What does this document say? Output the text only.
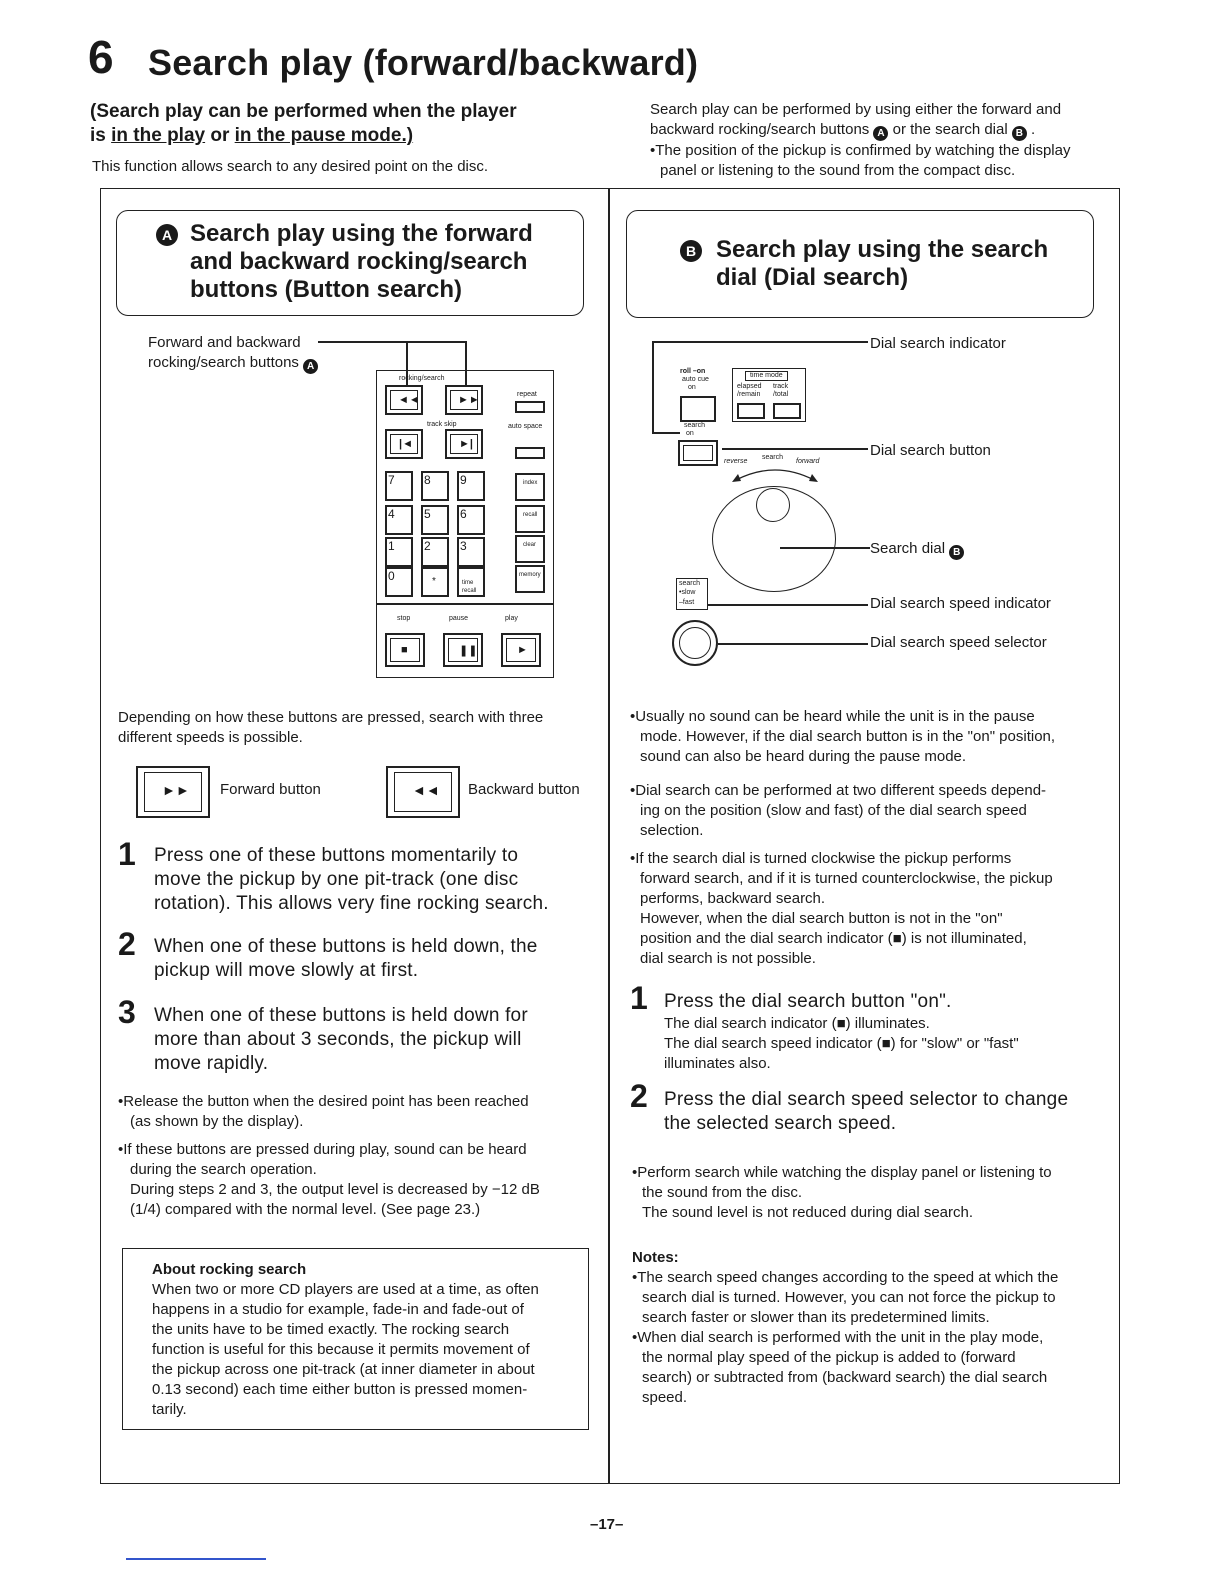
6 Search play (forward/backward)
(Search play can be performed when the player
is in the play or in the pause mode.)
This function allows search to any desired point on the disc.
Search play can be performed by using either the forward and
backward rocking/search buttons A or the search dial B .
•The position of the pickup is confirmed by watching the display
panel or listening to the sound from the compact disc.
A Search play using the forward
and backward rocking/search
buttons (Button search)
B Search play using the search
dial (Dial search)
Forward and backward
rocking/search buttons A
rocking/search
◄◄	►►	repeat
track skip	auto space
|◄	►|
7 8 9
4 5 6
1 2 3
0	*	time recall
index
recall
clear
memory
stop	pause	play
■	❚❚	►
Depending on how these buttons are pressed, search with three
different speeds is possible.
►► Forward button	◄◄ Backward button
1 Press one of these buttons momentarily to
move the pickup by one pit-track (one disc
rotation). This allows very fine rocking search.
2 When one of these buttons is held down, the
pickup will move slowly at first.
3 When one of these buttons is held down for
more than about 3 seconds, the pickup will
move rapidly.
•Release the button when the desired point has been reached
(as shown by the display).
•If these buttons are pressed during play, sound can be heard
during the search operation.
During steps 2 and 3, the output level is decreased by −12 dB
(1/4) compared with the normal level. (See page 23.)
About rocking search
When two or more CD players are used at a time, as often
happens in a studio for example, fade-in and fade-out of
the units have to be timed exactly. The rocking search
function is useful for this because it permits movement of
the pickup across one pit-track (at inner diameter in about
0.13 second) each time either button is pressed momen-
tarily.
Dial search indicator
roll –on
auto cue
on
time mode
elapsed /remain
track /total
search
on
Dial search button
reverse
search
forward
Search dial B
search
•slow
–fast	Dial search speed indicator
Dial search speed selector
•Usually no sound can be heard while the unit is in the pause
mode. However, if the dial search button is in the "on" position,
sound can also be heard during the pause mode.
•Dial search can be performed at two different speeds depend-
ing on the position (slow and fast) of the dial search speed
selection.
•If the search dial is turned clockwise the pickup performs
forward search, and if it is turned counterclockwise, the pickup
performs, backward search.
However, when the dial search button is not in the "on"
position and the dial search indicator (■) is not illuminated,
dial search is not possible.
1 Press the dial search button "on".
The dial search indicator (■) illuminates.
The dial search speed indicator (■) for "slow" or "fast"
illuminates also.
2 Press the dial search speed selector to change
the selected search speed.
•Perform search while watching the display panel or listening to
the sound from the disc.
The sound level is not reduced during dial search.
Notes:
•The search speed changes according to the speed at which the
search dial is turned. However, you can not force the pickup to
search faster or slower than its predetermined limits.
•When dial search is performed with the unit in the play mode,
the normal play speed of the pickup is added to (forward
search) or subtracted from (backward search) the dial search
speed.
–17–
